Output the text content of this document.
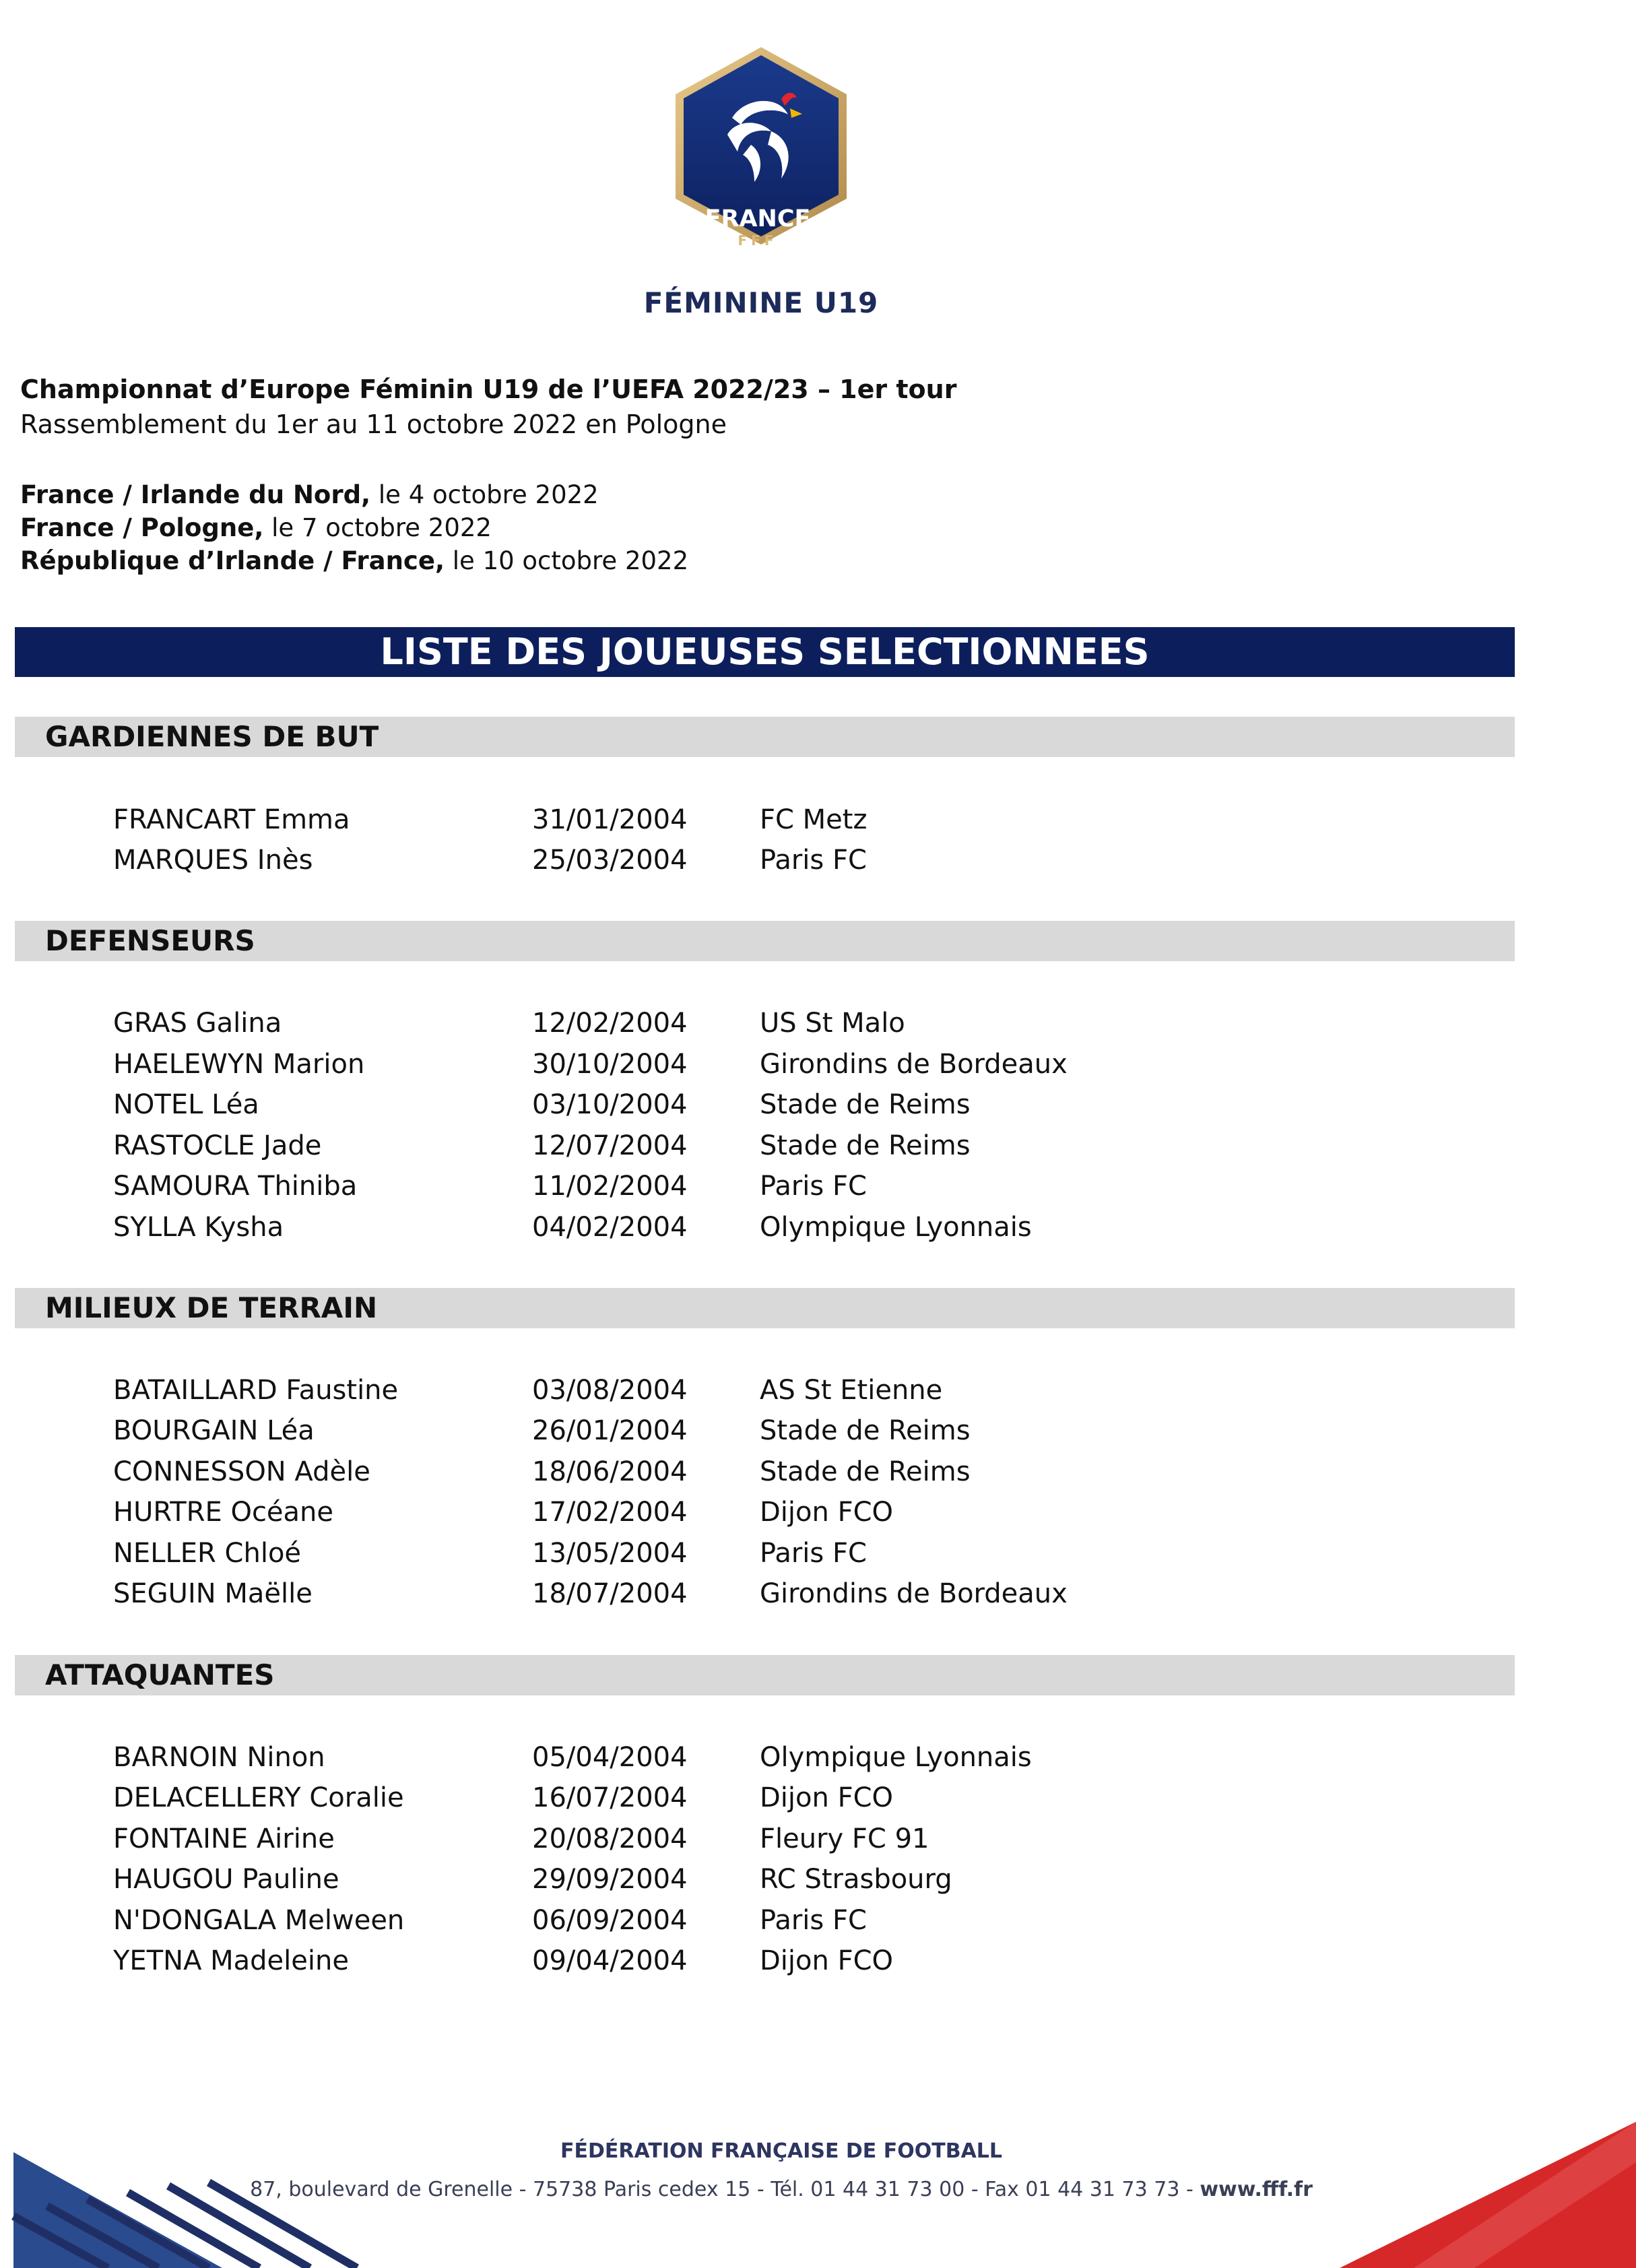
FRANCE
FFF
FÉMININE U19
Championnat d’Europe Féminin U19 de l’UEFA 2022/23 – 1er tour
Rassemblement du 1er au 11 octobre 2022 en Pologne
France / Irlande du Nord, le 4 octobre 2022
France / Pologne, le 7 octobre 2022
République d’Irlande / France, le 10 octobre 2022
LISTE DES JOUEUSES SELECTIONNEES
GARDIENNES DE BUT
FRANCART Emma	31/01/2004	FC Metz
MARQUES Inès	25/03/2004	Paris FC
DEFENSEURS
GRAS Galina	12/02/2004	US St Malo
HAELEWYN Marion	30/10/2004	Girondins de Bordeaux
NOTEL Léa	03/10/2004	Stade de Reims
RASTOCLE Jade	12/07/2004	Stade de Reims
SAMOURA Thiniba	11/02/2004	Paris FC
SYLLA Kysha	04/02/2004	Olympique Lyonnais
MILIEUX DE TERRAIN
BATAILLARD Faustine	03/08/2004	AS St Etienne
BOURGAIN Léa	26/01/2004	Stade de Reims
CONNESSON Adèle	18/06/2004	Stade de Reims
HURTRE Océane	17/02/2004	Dijon FCO
NELLER Chloé	13/05/2004	Paris FC
SEGUIN Maëlle	18/07/2004	Girondins de Bordeaux
ATTAQUANTES
BARNOIN Ninon	05/04/2004	Olympique Lyonnais
DELACELLERY Coralie	16/07/2004	Dijon FCO
FONTAINE Airine	20/08/2004	Fleury FC 91
HAUGOU Pauline	29/09/2004	RC Strasbourg
N'DONGALA Melween	06/09/2004	Paris FC
YETNA Madeleine	09/04/2004	Dijon FCO
FÉDÉRATION FRANÇAISE DE FOOTBALL
87, boulevard de Grenelle - 75738 Paris cedex 15 - Tél. 01 44 31 73 00 - Fax 01 44 31 73 73 - www.fff.fr
